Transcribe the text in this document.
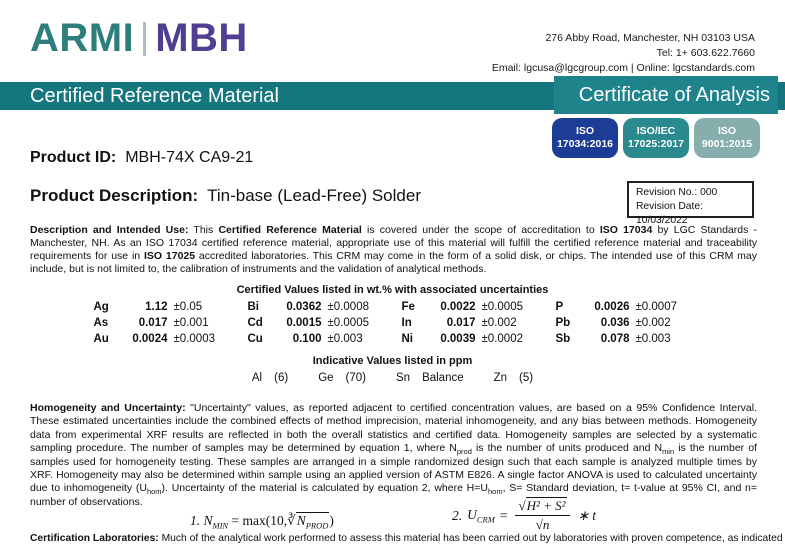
ARMI MBH	276 Abby Road, Manchester, NH 03103 USA
Tel: 1+ 603.622.7660
Email: lgcusa@lgcgroup.com | Online: lgcstandards.com
Certified Reference Material	Certificate of Analysis
ISO
17034:2016
ISO/IEC
17025:2017
ISO
9001:2015
Product ID: MBH-74X CA9-21
Product Description: Tin-base (Lead-Free) Solder	Revision No.: 000
Revision Date: 10/03/2022

Description and Intended Use: This Certified Reference Material is covered under the scope of accreditation to ISO 17034 by LGC Standards - Manchester, NH. As an ISO 17034 certified reference material, appropriate use of this material will fulfill the certified reference material and traceability requirements for use in ISO 17025 accredited laboratories. This CRM may come in the form of a solid disk, or chips. The intended use of this CRM may include, but is not limited to, the calibration of instruments and the validation of analytical methods.

Certified Values listed in wt.% with associated uncertainties
Ag	1.12 ±0.05	Bi	0.0362 ±0.0008	Fe	0.0022 ±0.0005	P	0.0026 ±0.0007
As	0.017 ±0.001	Cd	0.0015 ±0.0005	In	0.017 ±0.002	Pb	0.036 ±0.002
Au	0.0024 ±0.0003	Cu	0.100 ±0.003	Ni	0.0039 ±0.0002	Sb	0.078 ±0.003
Indicative Values listed in ppm
Al (6)	Ge (70)	Sn Balance	Zn (5)

Homogeneity and Uncertainty: "Uncertainty" values, as reported adjacent to certified concentration values, are based on a 95% Confidence Interval. These estimated uncertainties include the combined effects of method imprecision, material inhomogeneity, and any bias between methods. Homogeneity data from experimental XRF results are reflected in both the overall statistics and certified data. Homogeneity samples are selected by a systematic sampling procedure. The number of samples may be determined by equation 1, where $N_{prod}$ is the number of units produced and $N_{min}$ is the number of samples used for homogeneity testing. These samples are arranged in a simple randomized design such that each sample is analyzed multiple times by XRF. Homogeneity may also be determined within sample using an applied version of ASTM E826. A single factor ANOVA is used to calculated uncertainty due to inhomogeneity $(U_{hom})$. Uncertainty of the material is calculated by equation 2, where $H=U_{hom}$, S= Standard deviation, t= t-value at 95% CI, and n= number of observations.

1. $N_{MIN}$ = $\max(10,∛N_{PROD})$	2. $U_{CRM} = \frac{\text{√H² + S²}}{√n}$ ∗ t

Certification Laboratories: Much of the analytical work performed to assess this material has been carried out by laboratories with proven competence, as indicated
